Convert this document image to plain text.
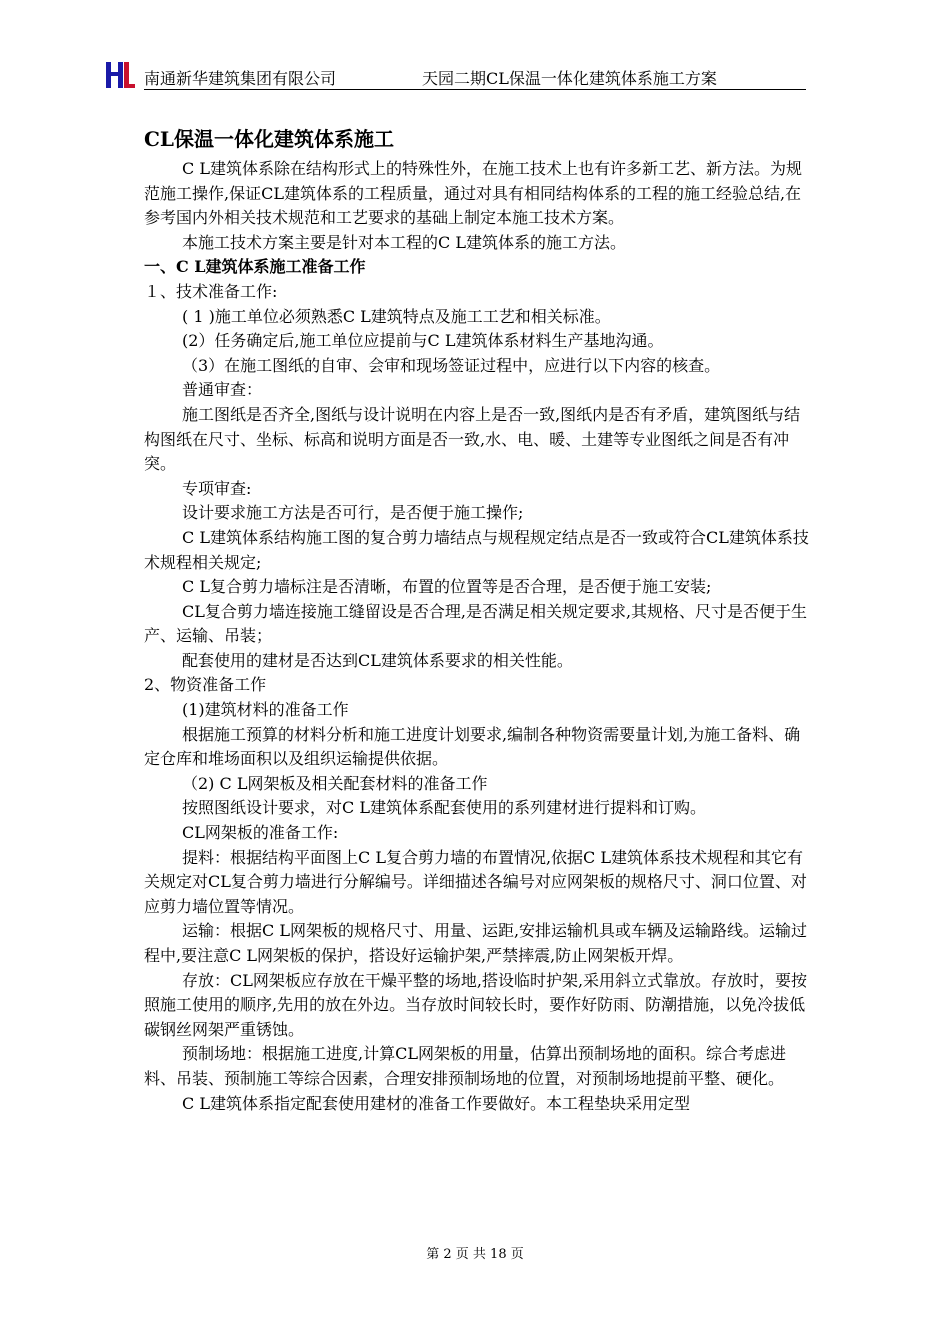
南通新华建筑集团有限公司	天园二期CL保温一体化建筑体系施工方案
CL保温一体化建筑体系施工

C L建筑体系除在结构形式上的特殊性外，在施工技术上也有许多新工艺、新方法。为规范施工操作,保证CL建筑体系的工程质量，通过对具有相同结构体系的工程的施工经验总结,在参考国内外相关技术规范和工艺要求的基础上制定本施工技术方案。

本施工技术方案主要是针对本工程的C L建筑体系的施工方法。

一、C L建筑体系施工准备工作

１、技术准备工作:

( 1 )施工单位必须熟悉C L建筑特点及施工工艺和相关标准。

(2）任务确定后,施工单位应提前与C L建筑体系材料生产基地沟通。

（3）在施工图纸的自审、会审和现场签证过程中，应进行以下内容的核查。

普通审查：

施工图纸是否齐全,图纸与设计说明在内容上是否一致,图纸内是否有矛盾，建筑图纸与结构图纸在尺寸、坐标、标高和说明方面是否一致,水、电、暖、土建等专业图纸之间是否有冲突。

专项审查:

设计要求施工方法是否可行，是否便于施工操作;

C L建筑体系结构施工图的复合剪力墙结点与规程规定结点是否一致或符合CL建筑体系技术规程相关规定;

C L复合剪力墙标注是否清晰，布置的位置等是否合理，是否便于施工安装;

CL复合剪力墙连接施工缝留设是否合理,是否满足相关规定要求,其规格、尺寸是否便于生产、运输、吊装；

配套使用的建材是否达到CL建筑体系要求的相关性能。

2、物资准备工作

(1)建筑材料的准备工作

根据施工预算的材料分析和施工进度计划要求,编制各种物资需要量计划,为施工备料、确定仓库和堆场面积以及组织运输提供依据。

（2) C L网架板及相关配套材料的准备工作

按照图纸设计要求，对C L建筑体系配套使用的系列建材进行提料和订购。

CL网架板的准备工作:

提料：根据结构平面图上C L复合剪力墙的布置情况,依据C L建筑体系技术规程和其它有关规定对CL复合剪力墙进行分解编号。详细描述各编号对应网架板的规格尺寸、洞口位置、对应剪力墙位置等情况。

运输：根据C L网架板的规格尺寸、用量、运距,安排运输机具或车辆及运输路线。运输过程中,要注意C L网架板的保护，搭设好运输护架,严禁摔震,防止网架板开焊。

存放：CL网架板应存放在干燥平整的场地,搭设临时护架,采用斜立式靠放。存放时，要按照施工使用的顺序,先用的放在外边。当存放时间较长时，要作好防雨、防潮措施，以免冷拔低碳钢丝网架严重锈蚀。

预制场地：根据施工进度,计算CL网架板的用量，估算出预制场地的面积。综合考虑进料、吊装、预制施工等综合因素，合理安排预制场地的位置，对预制场地提前平整、硬化。

C L建筑体系指定配套使用建材的准备工作要做好。本工程垫块采用定型

第 2 页 共 18 页
